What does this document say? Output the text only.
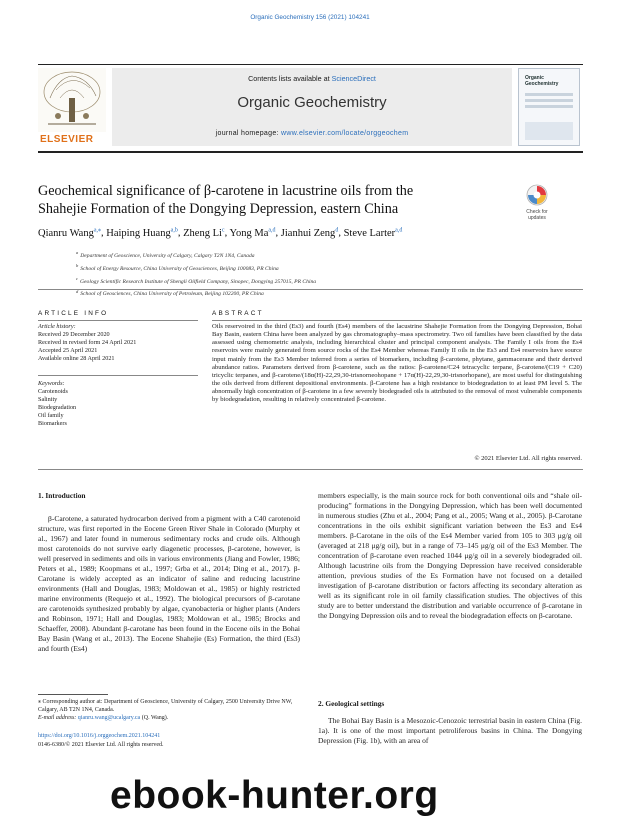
Organic Geochemistry 156 (2021) 104241
ELSEVIER
Contents lists available at ScienceDirect
Organic Geochemistry
journal homepage: www.elsevier.com/locate/orggeochem
Organic
Geochemistry
Geochemical significance of β-carotene in lacustrine oils from the
Shahejie Formation of the Dongying Depression, eastern China	Check for
updates
Qianru Wang$^{a,⁎}$, Haiping Huang$^{a,b}$, Zheng Li$^c$, Yong Ma$^{a,d}$, Jianhui Zeng$^d$, Steve Larter$^{a,d}$
$^a$Department of Geoscience, University of Calgary, Calgary T2N 1N4, Canada
$^b$School of Energy Resource, China University of Geosciences, Beijing 100083, PR China
$^c$Geology Scientific Research Institute of Shengli Oilfield Company, Sinopec, Dongying 257015, PR China
$^d$School of Geosciences, China University of Petroleum, Beijing 102200, PR China
ARTICLE INFO
Article history:
Received 29 December 2020
Received in revised form 24 April 2021
Accepted 25 April 2021
Available online 28 April 2021
Keywords:
Carotenoids
Salinity
Biodegradation
Oil family
Biomarkers
ABSTRACT
Oils reservoired in the third (Es3) and fourth (Es4) members of the lacustrine Shahejie Formation from the Dongying Depression, Bohai Bay Basin, eastern China have been analyzed by gas chromatography–mass spectrometry. Two oil families have been classified by the data assessed using chemometric analysis, including hierarchical cluster and principal component analysis. The Family I oils from the Es4 reservoirs were mainly generated from source rocks of the Es4 Member whereas Family II oils in the Es3 and Es4 reservoirs have source input mainly from the Es3 Member inferred from a series of biomarkers, including β-carotene, phytane, gammacerane and their derived abundance ratios. Parameters derived from β-carotene, such as the ratios: β-carotene/C24 tetracyclic terpane, β-carotene/(C19 + C20) tricyclic terpanes, and β-carotene/(18α(H)-22,29,30-trisnorneohopane + 17α(H)-22,29,30-trisnorhopane), are most useful for distinguishing the oils derived from different depositional environments. β-Carotene has a high resistance to biodegradation to at least PM level 5. The abnormally high concentration of β-carotene in a few severely biodegraded oils is attributed to the removal of most vulnerable components by biodegradation, resulting in relatively concentrated β-carotene.
© 2021 Elsevier Ltd. All rights reserved.
1. Introduction

β-Carotene, a saturated hydrocarbon derived from a pigment with a C40 carotenoid structure, was first reported in the Eocene Green River Shale in Colorado (Murphy et al., 1967) and later found in numerous sedimentary rocks and crude oils. Although most carotenoids do not survive early diagenetic processes, β-carotene, however, is well preserved in sediments and oils in various environments (Jiang and Fowler, 1986; Peters et al., 1989; Koopmans et al., 1997; Grba et al., 2014; Ding et al., 2017). β-Carotane is widely accepted as an indicator of saline and reducing lacustrine environments (Hall and Douglas, 1983; Moldowan et al., 1985) or highly restricted marine environments (Requejo et al., 1992). The biological precursors of β-carotane are carotenoids synthesized probably by algae, cyanobacteria or higher plants (Anders and Robinson, 1971; Hall and Douglas, 1983; Moldowan et al., 1985; Brocks and Schaeffer, 2008). Abundant β-carotane has been found in the Eocene oils in the Bohai Bay Basin (Wang et al., 2013). The Eocene Shahejie (Es) Formation, the third (Es3) and fourth (Es4)

members especially, is the main source rock for both conventional oils and “shale oil-producing” formations in the Dongying Depression, which has been well documented in numerous studies (Zhu et al., 2004; Pang et al., 2005; Wang et al., 2005). β-Carotane concentrations in the oils exhibit significant variation between the Es3 and Es4 members. β-Carotane in the oils of the Es4 Member varied from 105 to 303 μg/g oil (averaged at 218 μg/g oil), but in a range of 73–145 μg/g oil of the Es3 Member. The concentration of β-carotane even reached 1044 μg/g oil in a severely biodegraded oil. Although lacustrine oils from the Dongying Depression have received considerable attention, previous studies of the Es Formation have not focused on a detailed investigation of β-carotane distribution or factors affecting its secondary alteration as well as its significant role in oil family classification studies. The objectives of this study are to better understand the distribution and variable occurrence of β-carotane in the Dongying Depression oils and to reveal the biodegradation effects on β-carotane.
2. Geological settings

The Bohai Bay Basin is a Mesozoic-Cenozoic terrestrial basin in eastern China (Fig. 1a). It is one of the most important petroliferous basins in China. The Dongying Depression (Fig. 1b), with an area of

⁎ Corresponding author at: Department of Geoscience, University of Calgary, 2500 University Drive NW, Calgary, AB T2N 1N4, Canada.
E-mail address: qianru.wang@ucalgary.ca (Q. Wang).
https://doi.org/10.1016/j.orggeochem.2021.104241
0146-6380/© 2021 Elsevier Ltd. All rights reserved.
ebook-hunter.org
